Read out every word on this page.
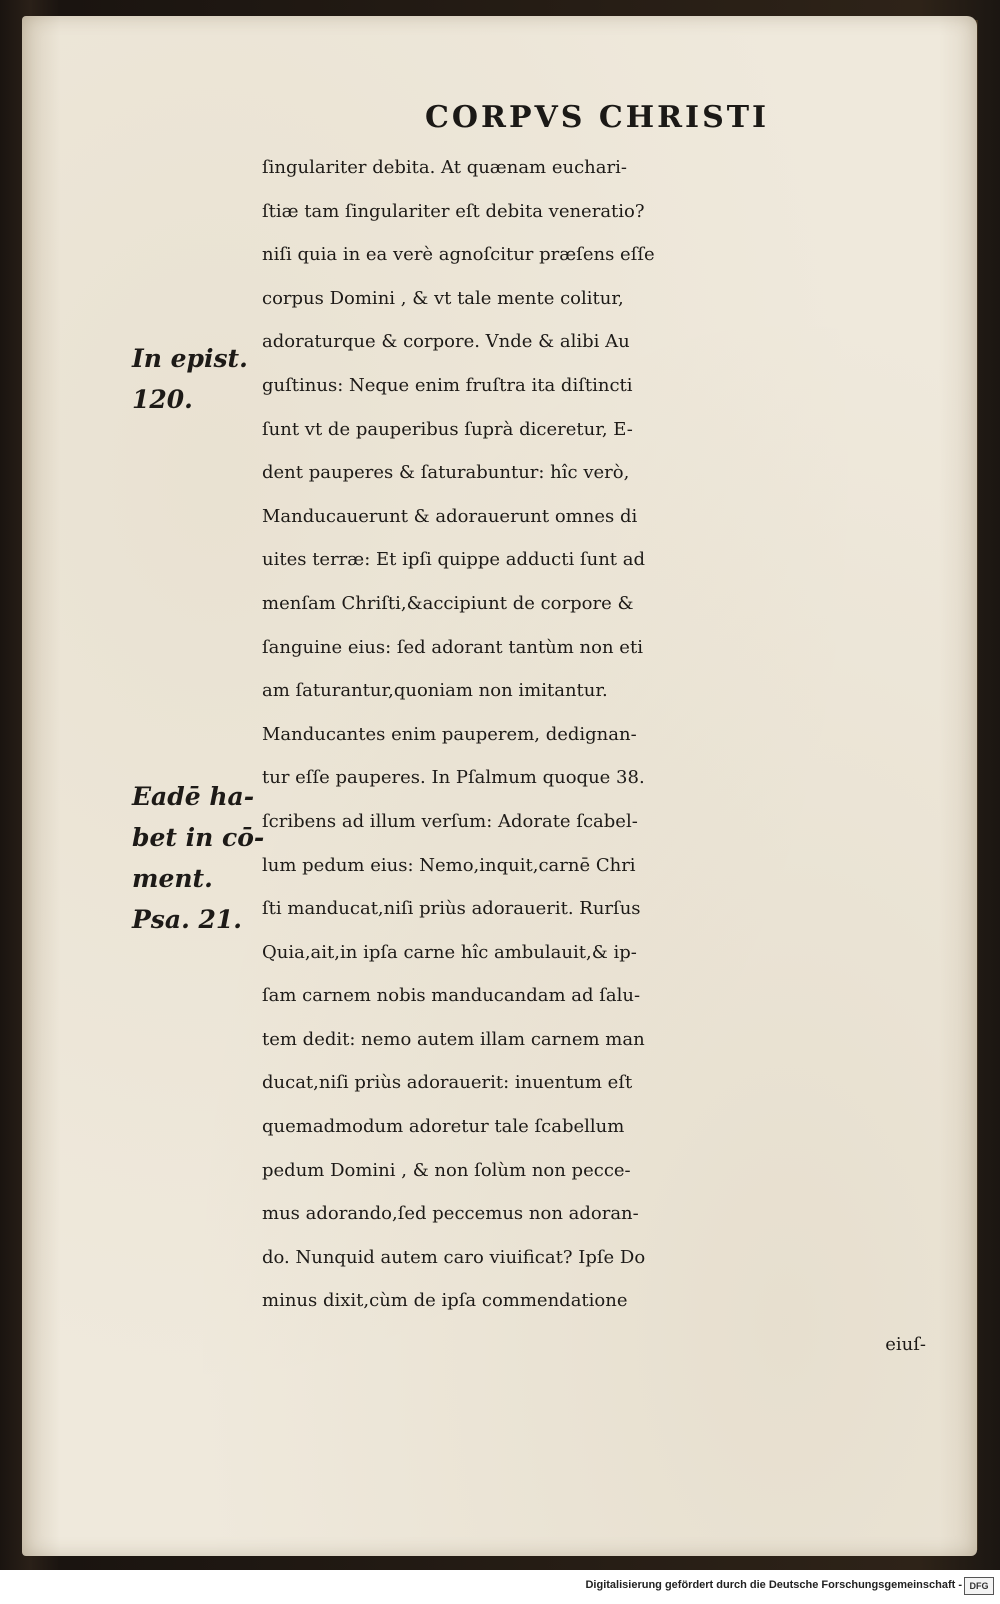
CORPVS CHRISTI
In epist.
120.
Eadē ha-
bet in cō-
ment.
Psa. 21.
ſingulariter debita. At quænam euchari-
ſtiæ tam ſingulariter eſt debita veneratio?
niſi quia in ea verè agnoſcitur præſens eſſe
corpus Domini , & vt tale mente colitur,
adoraturque & corpore. Vnde & alibi Au
guſtinus: Neque enim fruſtra ita diſtincti
ſunt vt de pauperibus ſuprà diceretur, E-
dent pauperes & ſaturabuntur: hîc verò,
Manducauerunt & adorauerunt omnes di
uites terræ: Et ipſi quippe adducti ſunt ad
menſam Chriſti,&accipiunt de corpore &
ſanguine eius: ſed adorant tantùm non eti
am ſaturantur,quoniam non imitantur.
Manducantes enim pauperem, dedignan-
tur eſſe pauperes. In Pſalmum quoque 38.
ſcribens ad illum verſum: Adorate ſcabel-
lum pedum eius: Nemo,inquit,carnē Chri
ſti manducat,niſi priùs adorauerit. Rurſus
Quia,ait,in ipſa carne hîc ambulauit,& ip-
ſam carnem nobis manducandam ad ſalu-
tem dedit: nemo autem illam carnem man
ducat,niſi priùs adorauerit: inuentum eſt
quemadmodum adoretur tale ſcabellum
pedum Domini , & non ſolùm non pecce-
mus adorando,ſed peccemus non adoran-
do. Nunquid autem caro viuificat? Ipſe Do
minus dixit,cùm de ipſa commendatione
eiuſ-
Digitalisierung gefördert durch die Deutsche Forschungsgemeinschaft - DFG
